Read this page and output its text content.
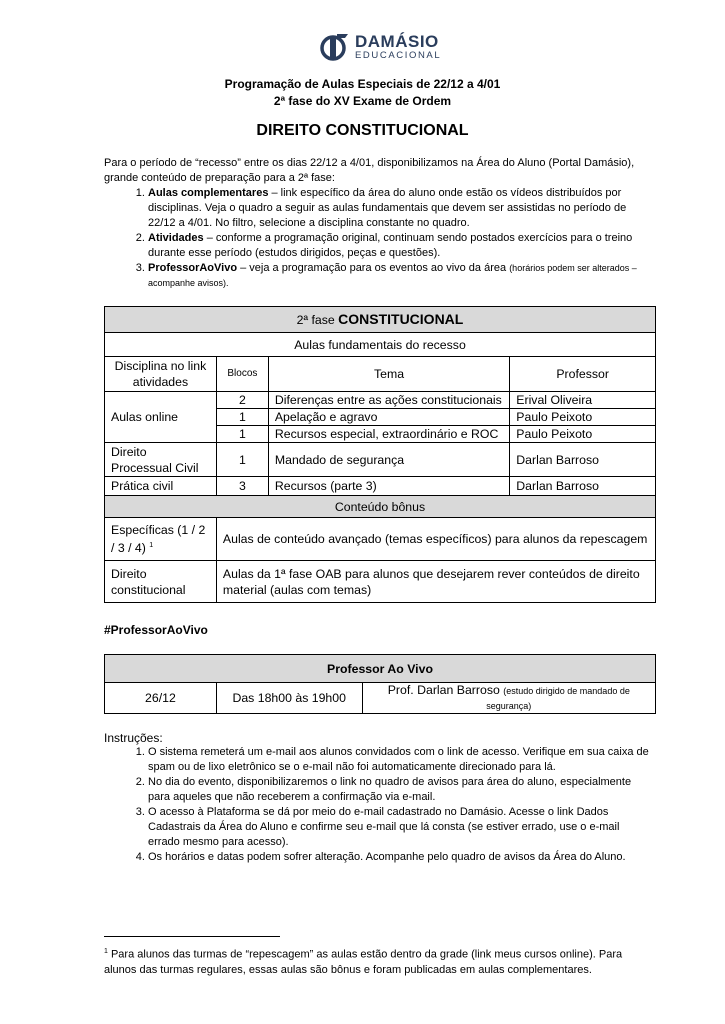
DAMÁSIO
EDUCACIONAL
Programação de Aulas Especiais de 22/12 a 4/01
2ª fase do XV Exame de Ordem
DIREITO CONSTITUCIONAL
Para o período de “recesso” entre os dias 22/12 a 4/01, disponibilizamos na Área do Aluno (Portal Damásio), grande conteúdo de preparação para a 2ª fase:
1. Aulas complementares – link específico da área do aluno onde estão os vídeos distribuídos por disciplinas. Veja o quadro a seguir as aulas fundamentais que devem ser assistidas no período de 22/12 a 4/01. No filtro, selecione a disciplina constante no quadro.
2. Atividades – conforme a programação original, continuam sendo postados exercícios para o treino durante esse período (estudos dirigidos, peças e questões).
3. ProfessorAoVivo – veja a programação para os eventos ao vivo da área (horários podem ser alterados – acompanhe avisos).
2ª fase CONSTITUCIONAL			
Aulas fundamentais do recesso			
Disciplina no link atividades	Blocos	Tema	Professor
Aulas online	2	Diferenças entre as ações constitucionais	Erival Oliveira
	1	Apelação e agravo	Paulo Peixoto
	1	Recursos especial, extraordinário e ROC	Paulo Peixoto
Direito Processual Civil	1	Mandado de segurança	Darlan Barroso
Prática civil	3	Recursos (parte 3)	Darlan Barroso
Conteúdo bônus			
Específicas (1 / 2 / 3 / 4) $^1$	Aulas de conteúdo avançado (temas específicos) para alunos da repescagem		
Direito constitucional	Aulas da 1ª fase OAB para alunos que desejarem rever conteúdos de direito material (aulas com temas)		
#ProfessorAoVivo
Professor Ao Vivo
26/12	Das 18h00 às 19h00	Prof. Darlan Barroso (estudo dirigido de mandado de segurança)
Instruções:
1. O sistema remeterá um e-mail aos alunos convidados com o link de acesso. Verifique em sua caixa de spam ou de lixo eletrônico se o e-mail não foi automaticamente direcionado para lá.
2. No dia do evento, disponibilizaremos o link no quadro de avisos para área do aluno, especialmente para aqueles que não receberem a confirmação via e-mail.
3. O acesso à Plataforma se dá por meio do e-mail cadastrado no Damásio. Acesse o link Dados Cadastrais da Área do Aluno e confirme seu e-mail que lá consta (se estiver errado, use o e-mail errado mesmo para acesso).
4. Os horários e datas podem sofrer alteração. Acompanhe pelo quadro de avisos da Área do Aluno.
$^1$ Para alunos das turmas de “repescagem” as aulas estão dentro da grade (link meus cursos online). Para alunos das turmas regulares, essas aulas são bônus e foram publicadas em aulas complementares.
